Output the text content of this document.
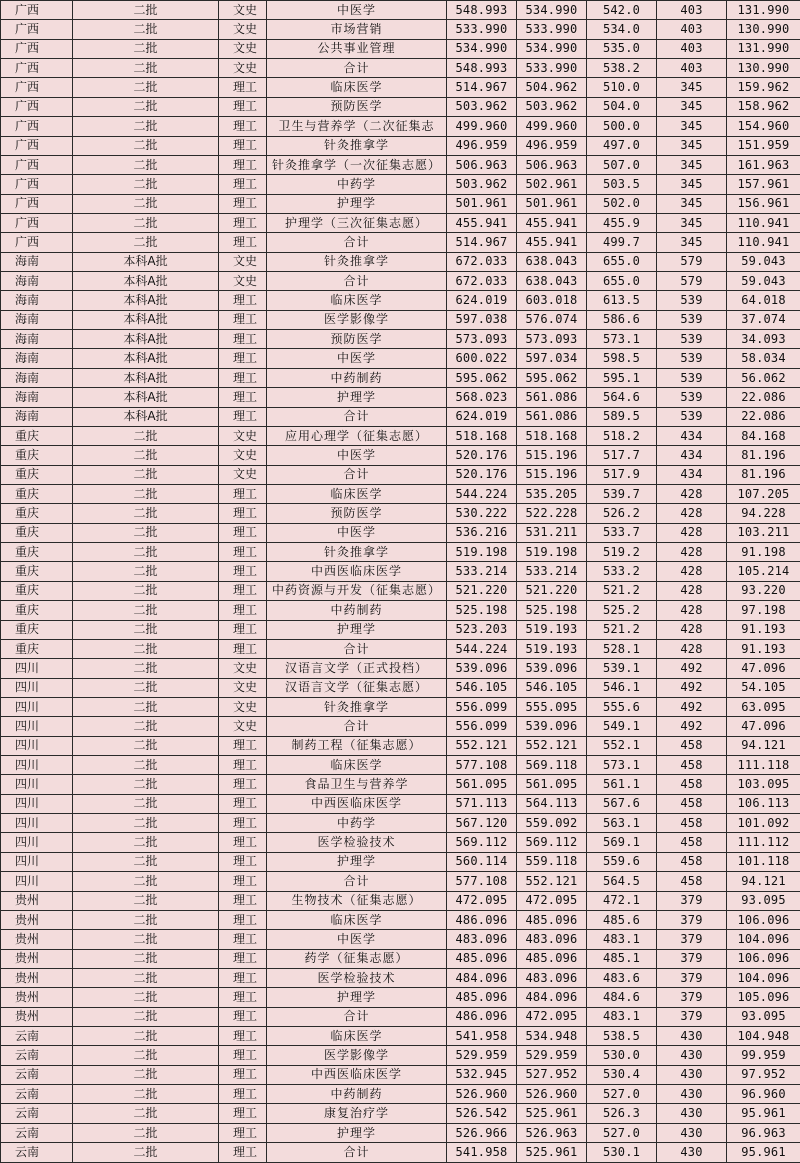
广西	二批	文史	中医学	548.993	534.990	542.0	403	131.990
广西	二批	文史	市场营销	533.990	533.990	534.0	403	130.990
广西	二批	文史	公共事业管理	534.990	534.990	535.0	403	131.990
广西	二批	文史	合计	548.993	533.990	538.2	403	130.990
广西	二批	理工	临床医学	514.967	504.962	510.0	345	159.962
广西	二批	理工	预防医学	503.962	503.962	504.0	345	158.962
广西	二批	理工	卫生与营养学（二次征集志	499.960	499.960	500.0	345	154.960
广西	二批	理工	针灸推拿学	496.959	496.959	497.0	345	151.959
广西	二批	理工	针灸推拿学（一次征集志愿）	506.963	506.963	507.0	345	161.963
广西	二批	理工	中药学	503.962	502.961	503.5	345	157.961
广西	二批	理工	护理学	501.961	501.961	502.0	345	156.961
广西	二批	理工	护理学（三次征集志愿）	455.941	455.941	455.9	345	110.941
广西	二批	理工	合计	514.967	455.941	499.7	345	110.941
海南	本科A批	文史	针灸推拿学	672.033	638.043	655.0	579	59.043
海南	本科A批	文史	合计	672.033	638.043	655.0	579	59.043
海南	本科A批	理工	临床医学	624.019	603.018	613.5	539	64.018
海南	本科A批	理工	医学影像学	597.038	576.074	586.6	539	37.074
海南	本科A批	理工	预防医学	573.093	573.093	573.1	539	34.093
海南	本科A批	理工	中医学	600.022	597.034	598.5	539	58.034
海南	本科A批	理工	中药制药	595.062	595.062	595.1	539	56.062
海南	本科A批	理工	护理学	568.023	561.086	564.6	539	22.086
海南	本科A批	理工	合计	624.019	561.086	589.5	539	22.086
重庆	二批	文史	应用心理学（征集志愿）	518.168	518.168	518.2	434	84.168
重庆	二批	文史	中医学	520.176	515.196	517.7	434	81.196
重庆	二批	文史	合计	520.176	515.196	517.9	434	81.196
重庆	二批	理工	临床医学	544.224	535.205	539.7	428	107.205
重庆	二批	理工	预防医学	530.222	522.228	526.2	428	94.228
重庆	二批	理工	中医学	536.216	531.211	533.7	428	103.211
重庆	二批	理工	针灸推拿学	519.198	519.198	519.2	428	91.198
重庆	二批	理工	中西医临床医学	533.214	533.214	533.2	428	105.214
重庆	二批	理工	中药资源与开发（征集志愿）	521.220	521.220	521.2	428	93.220
重庆	二批	理工	中药制药	525.198	525.198	525.2	428	97.198
重庆	二批	理工	护理学	523.203	519.193	521.2	428	91.193
重庆	二批	理工	合计	544.224	519.193	528.1	428	91.193
四川	二批	文史	汉语言文学（正式投档）	539.096	539.096	539.1	492	47.096
四川	二批	文史	汉语言文学（征集志愿）	546.105	546.105	546.1	492	54.105
四川	二批	文史	针灸推拿学	556.099	555.095	555.6	492	63.095
四川	二批	文史	合计	556.099	539.096	549.1	492	47.096
四川	二批	理工	制药工程（征集志愿）	552.121	552.121	552.1	458	94.121
四川	二批	理工	临床医学	577.108	569.118	573.1	458	111.118
四川	二批	理工	食品卫生与营养学	561.095	561.095	561.1	458	103.095
四川	二批	理工	中西医临床医学	571.113	564.113	567.6	458	106.113
四川	二批	理工	中药学	567.120	559.092	563.1	458	101.092
四川	二批	理工	医学检验技术	569.112	569.112	569.1	458	111.112
四川	二批	理工	护理学	560.114	559.118	559.6	458	101.118
四川	二批	理工	合计	577.108	552.121	564.5	458	94.121
贵州	二批	理工	生物技术（征集志愿）	472.095	472.095	472.1	379	93.095
贵州	二批	理工	临床医学	486.096	485.096	485.6	379	106.096
贵州	二批	理工	中医学	483.096	483.096	483.1	379	104.096
贵州	二批	理工	药学（征集志愿）	485.096	485.096	485.1	379	106.096
贵州	二批	理工	医学检验技术	484.096	483.096	483.6	379	104.096
贵州	二批	理工	护理学	485.096	484.096	484.6	379	105.096
贵州	二批	理工	合计	486.096	472.095	483.1	379	93.095
云南	二批	理工	临床医学	541.958	534.948	538.5	430	104.948
云南	二批	理工	医学影像学	529.959	529.959	530.0	430	99.959
云南	二批	理工	中西医临床医学	532.945	527.952	530.4	430	97.952
云南	二批	理工	中药制药	526.960	526.960	527.0	430	96.960
云南	二批	理工	康复治疗学	526.542	525.961	526.3	430	95.961
云南	二批	理工	护理学	526.966	526.963	527.0	430	96.963
云南	二批	理工	合计	541.958	525.961	530.1	430	95.961
